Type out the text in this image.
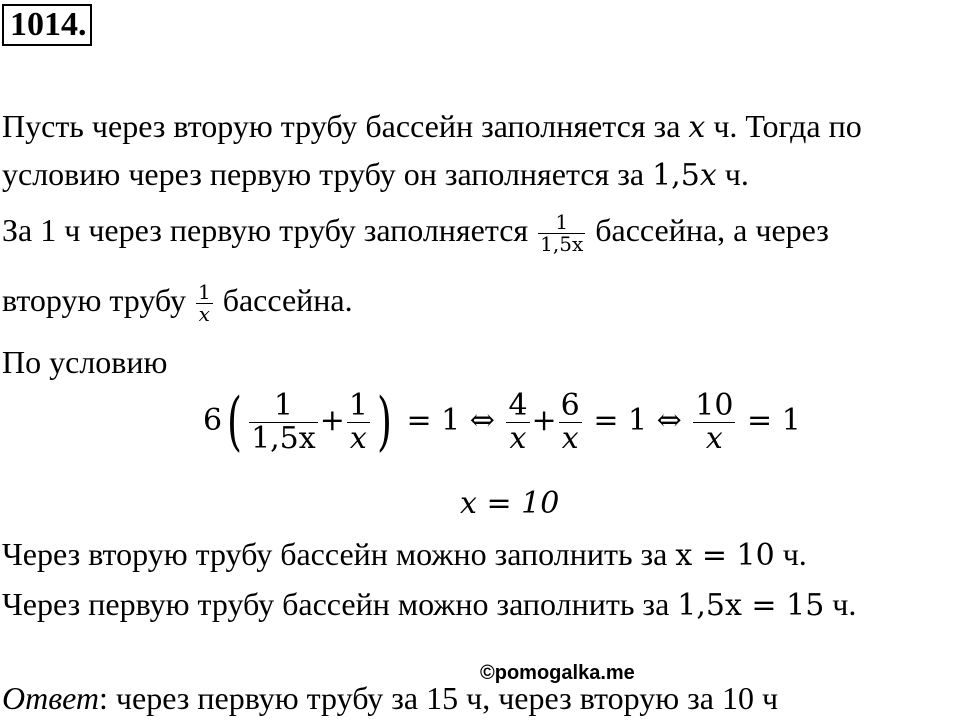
1014.
Пусть через вторую трубу бассейн заполняется за x ч. Тогда по
условию через первую трубу он заполняется за 1,5x ч.
За 1 ч через первую трубу заполняется $\frac{1}{1,5x}$ бассейна, а через
вторую трубу $\frac{1}{x}$ бассейна.
По условию
$6( \frac{1}{1,5x} + \frac{1}{x}$ ) = 1 ⇔ $\frac{4}{x} + \frac{6}{x} = 1$ ⇔ $\frac{10}{x} = 1$
x = 10
Через вторую трубу бассейн можно заполнить за x = 10 ч.
Через первую трубу бассейн можно заполнить за 1,5x = 15 ч.
©pomogalka.me
Ответ: через первую трубу за 15 ч, через вторую за 10 ч
